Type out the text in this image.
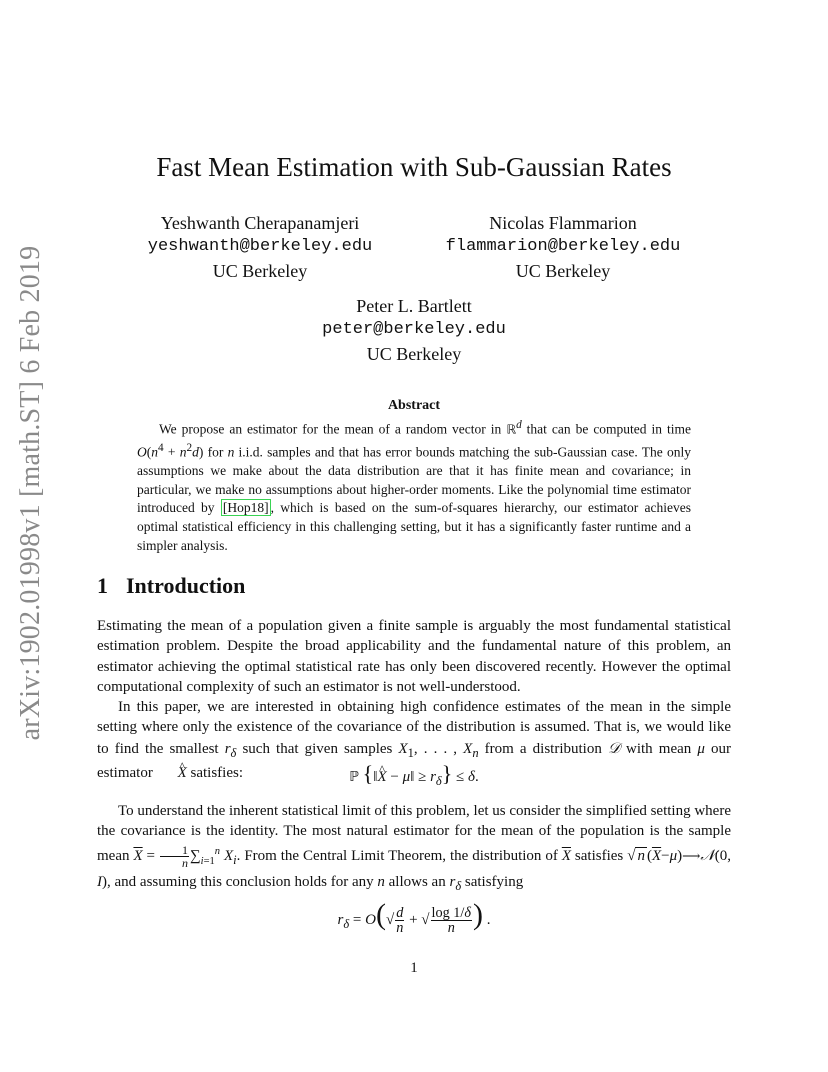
arXiv:1902.01998v1 [math.ST] 6 Feb 2019
Fast Mean Estimation with Sub-Gaussian Rates
Yeshwanth Cherapanamjeri
yeshwanth@berkeley.edu
UC Berkeley
Nicolas Flammarion
flammarion@berkeley.edu
UC Berkeley
Peter L. Bartlett
peter@berkeley.edu
UC Berkeley
Abstract

We propose an estimator for the mean of a random vector in ℝ$^d$ that can be computed in time $O(n^4 + n^2d)$ for n i.i.d. samples and that has error bounds matching the sub-Gaussian case. The only assumptions we make about the data distribution are that it has finite mean and covariance; in particular, we make no assumptions about higher-order moments. Like the polynomial time estimator introduced by [Hop18] , which is based on the sum-of-squares hierarchy, our estimator achieves optimal statistical efficiency in this challenging setting, but it has a significantly faster runtime and a simpler analysis.

1 Introduction

Estimating the mean of a population given a finite sample is arguably the most fundamental statistical estimation problem. Despite the broad applicability and the fundamental nature of this problem, an estimator achieving the optimal statistical rate has only been discovered recently. However the optimal computational complexity of such an estimator is not well-understood.

In this paper, we are interested in obtaining high confidence estimates of the mean in the simple setting where only the existence of the covariance of the distribution is assumed. That is, we would like to find the smallest $r_\delta$ such that given samples $X_1$, . . . , $X_n$ from a distribution 𝒟 with mean μ our estimator X ^ satisfies:	ℙ {‖X ^ − μ‖ ≥ $r_\delta\} \le \delta$.

To understand the inherent statistical limit of this problem, let us consider the simplified setting where the covariance is the identity. The most natural estimator for the mean of the population is the sample mean $\overline{X} = \frac{1}{n} \sum_{i=1}^n$ $X_i$. From the Central Limit Theorem, the distribution of $\overline{X}$ satisfies √ n $(\overline{X}-\mu)⟶𝒩(0$, I), and assuming this conclusion holds for any n allows an $r_\delta$ satisfying

$r_\delta = O(√ \frac{d}{n}$ + √ $\frac{\log 1/\delta}{n}$ ) .
1
